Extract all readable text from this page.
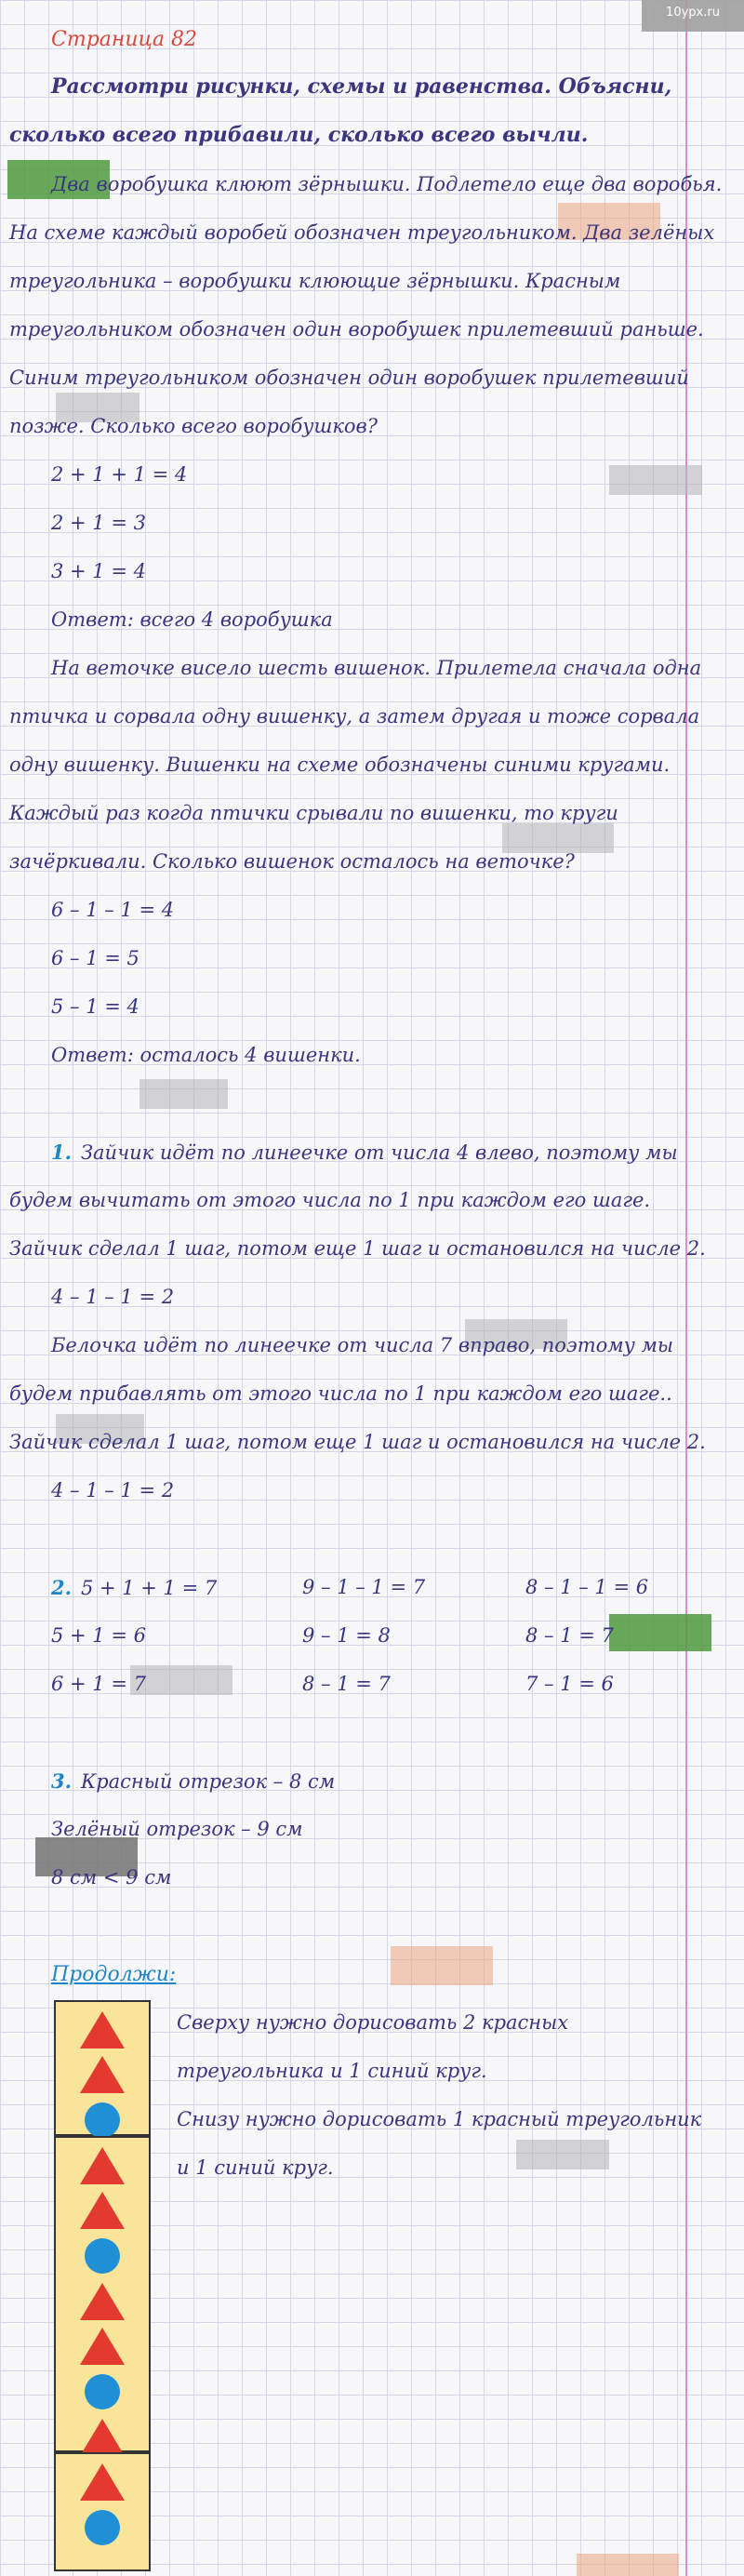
10ypx.ru
Страница 82
Рассмотри рисунки, схемы и равенства. Объясни,
сколько всего прибавили, сколько всего вычли.
Два воробушка клюют зёрнышки. Подлетело еще два воробья.
На схеме каждый воробей обозначен треугольником. Два зелёных
треугольника – воробушки клюющие зёрнышки. Красным
треугольником обозначен один воробушек прилетевший раньше.
Синим треугольником обозначен один воробушек прилетевший
позже. Сколько всего воробушков?
2 + 1 + 1 = 4
2 + 1 = 3
3 + 1 = 4
Ответ: всего 4 воробушка
На веточке висело шесть вишенок. Прилетела сначала одна
птичка и сорвала одну вишенку, а затем другая и тоже сорвала
одну вишенку. Вишенки на схеме обозначены синими кругами.
Каждый раз когда птички срывали по вишенки, то круги
зачёркивали. Сколько вишенок осталось на веточке?
6 – 1 – 1 = 4
6 – 1 = 5
5 – 1 = 4
Ответ: осталось 4 вишенки.
1. Зайчик идёт по линеечке от числа 4 влево, поэтому мы
будем вычитать от этого числа по 1 при каждом его шаге.
Зайчик сделал 1 шаг, потом еще 1 шаг и остановился на числе 2.
4 – 1 – 1 = 2
Белочка идёт по линеечке от числа 7 вправо, поэтому мы
будем прибавлять от этого числа по 1 при каждом его шаге..
Зайчик сделал 1 шаг, потом еще 1 шаг и остановился на числе 2.
4 – 1 – 1 = 2
2. 5 + 1 + 1 = 7	9 – 1 – 1 = 7	8 – 1 – 1 = 6
5 + 1 = 6	9 – 1 = 8	8 – 1 = 7
6 + 1 = 7	8 – 1 = 7	7 – 1 = 6
3. Красный отрезок – 8 см
Зелёный отрезок – 9 см
8 см < 9 см
Продолжи:
Сверху нужно дорисовать 2 красных
треугольника и 1 синий круг.
Снизу нужно дорисовать 1 красный треугольник
и 1 синий круг.
